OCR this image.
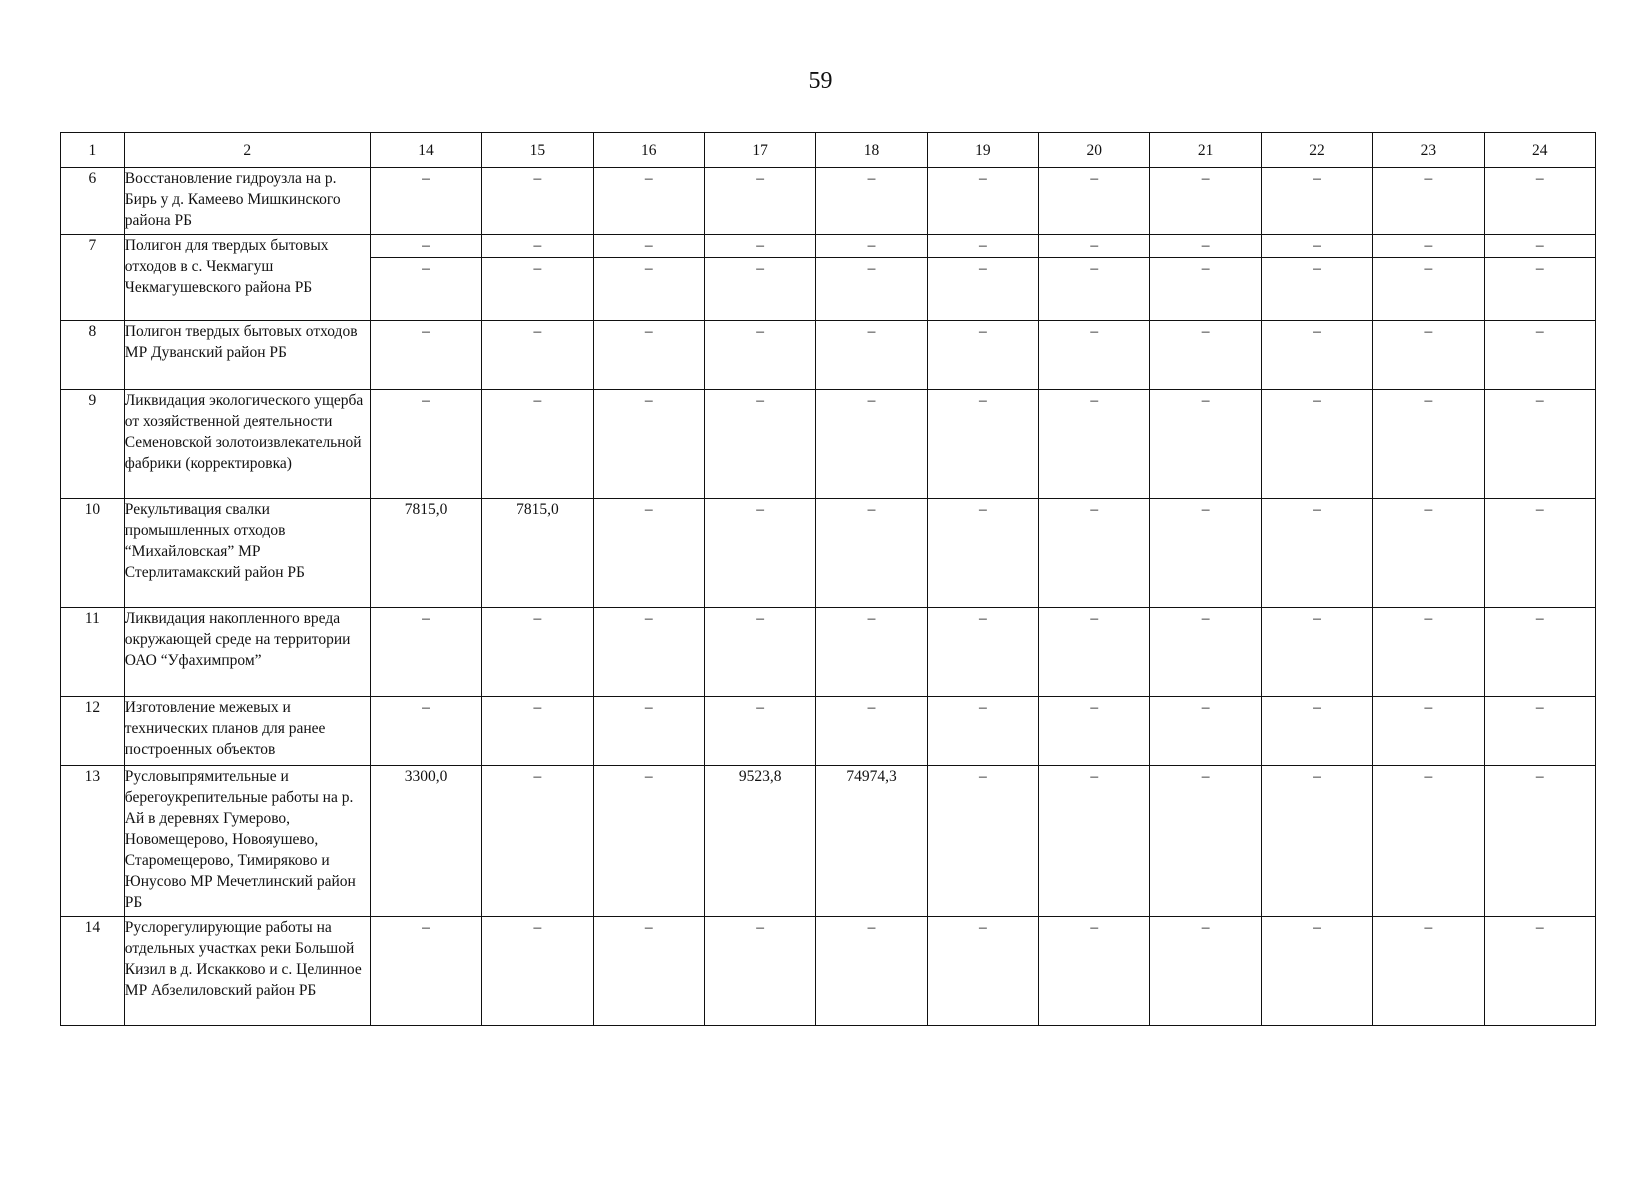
59
1	2	14	15	16	17	18	19	20	21	22	23	24
6	Восстановление гидроузла на р. Бирь у д. Камеево Мишкинского района РБ	–	–	–	–	–	–	–	–	–	–	–
7	Полигон для твердых бытовых отходов в с. Чекмагуш Чекмагушевского района РБ	–	–	–	–	–	–	–	–	–	–	–
		–	–	–	–	–	–	–	–	–	–	–
8	Полигон твердых бытовых отходов МР Дуванский район РБ	–	–	–	–	–	–	–	–	–	–	–
9	Ликвидация экологического ущерба от хозяйственной деятельности Семеновской золотоизвлекательной фабрики (корректировка)	–	–	–	–	–	–	–	–	–	–	–
10	Рекультивация свалки промышленных отходов “Михайловская” МР Стерлитамакский район РБ	7815,0	7815,0	–	–	–	–	–	–	–	–	–
11	Ликвидация накопленного вреда окружающей среде на территории ОАО “Уфахимпром”	–	–	–	–	–	–	–	–	–	–	–
12	Изготовление межевых и технических планов для ранее построенных объектов	–	–	–	–	–	–	–	–	–	–	–
13	Русловыпрямительные и берегоукрепительные работы на р. Ай в деревнях Гумерово, Новомещерово, Новояушево, Старомещерово, Тимиряково и Юнусово МР Мечетлинский район РБ	3300,0	–	–	9523,8	74974,3	–	–	–	–	–	–
14	Руслорегулирующие работы на отдельных участках реки Большой Кизил в д. Искакково и с. Целинное МР Абзелиловский район РБ	–	–	–	–	–	–	–	–	–	–	–
